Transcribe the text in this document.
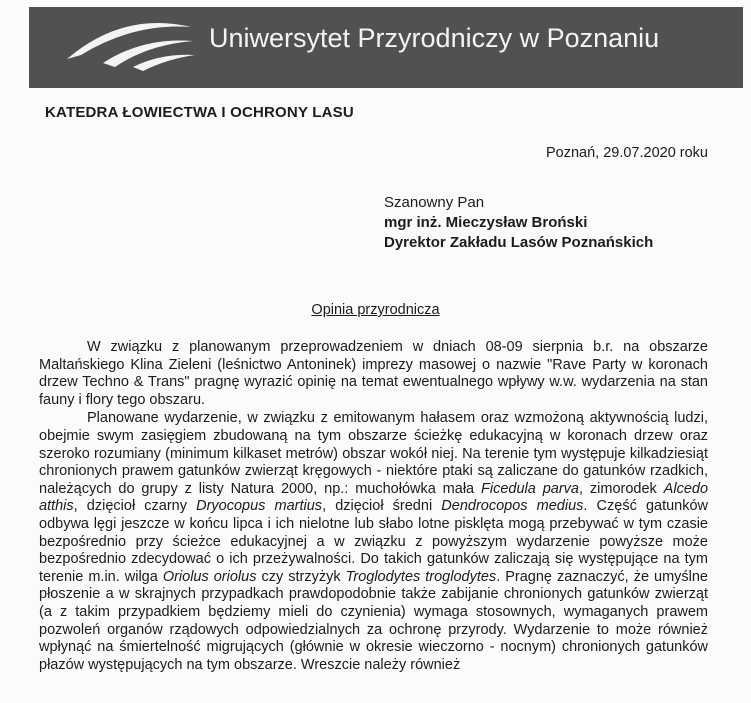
Uniwersytet Przyrodniczy w Poznaniu
KATEDRA ŁOWIECTWA I OCHRONY LASU
Poznań, 29.07.2020 roku
Szanowny Pan
mgr inż. Mieczysław Broński
Dyrektor Zakładu Lasów Poznańskich
Opinia przyrodnicza

W związku z planowanym przeprowadzeniem w dniach 08-09 sierpnia b.r. na obszarze Maltańskiego Klina Zieleni (leśnictwo Antoninek) imprezy masowej o nazwie "Rave Party w koronach drzew Techno & Trans" pragnę wyrazić opinię na temat ewentualnego wpływy w.w. wydarzenia na stan fauny i flory tego obszaru.

Planowane wydarzenie, w związku z emitowanym hałasem oraz wzmożoną aktywnością ludzi, obejmie swym zasięgiem zbudowaną na tym obszarze ścieżkę edukacyjną w koronach drzew oraz szeroko rozumiany (minimum kilkaset metrów) obszar wokół niej. Na terenie tym występuje kilkadziesiąt chronionych prawem gatunków zwierząt kręgowych - niektóre ptaki są zaliczane do gatunków rzadkich, należących do grupy z listy Natura 2000, np.: muchołówka mała Ficedula parva, zimorodek Alcedo atthis, dzięcioł czarny Dryocopus martius, dzięcioł średni Dendrocopos medius. Część gatunków odbywa lęgi jeszcze w końcu lipca i ich nielotne lub słabo lotne pisklęta mogą przebywać w tym czasie bezpośrednio przy ścieżce edukacyjnej a w związku z powyższym wydarzenie powyższe może bezpośrednio zdecydować o ich przeżywalności. Do takich gatunków zaliczają się występujące na tym terenie m.in. wilga Oriolus oriolus czy strzyżyk Troglodytes troglodytes. Pragnę zaznaczyć, że umyślne płoszenie a w skrajnych przypadkach prawdopodobnie także zabijanie chronionych gatunków zwierząt (a z takim przypadkiem będziemy mieli do czynienia) wymaga stosownych, wymaganych prawem pozwoleń organów rządowych odpowiedzialnych za ochronę przyrody. Wydarzenie to może również wpłynąć na śmiertelność migrujących (głównie w okresie wieczorno - nocnym) chronionych gatunków płazów występujących na tym obszarze. Wreszcie należy również
